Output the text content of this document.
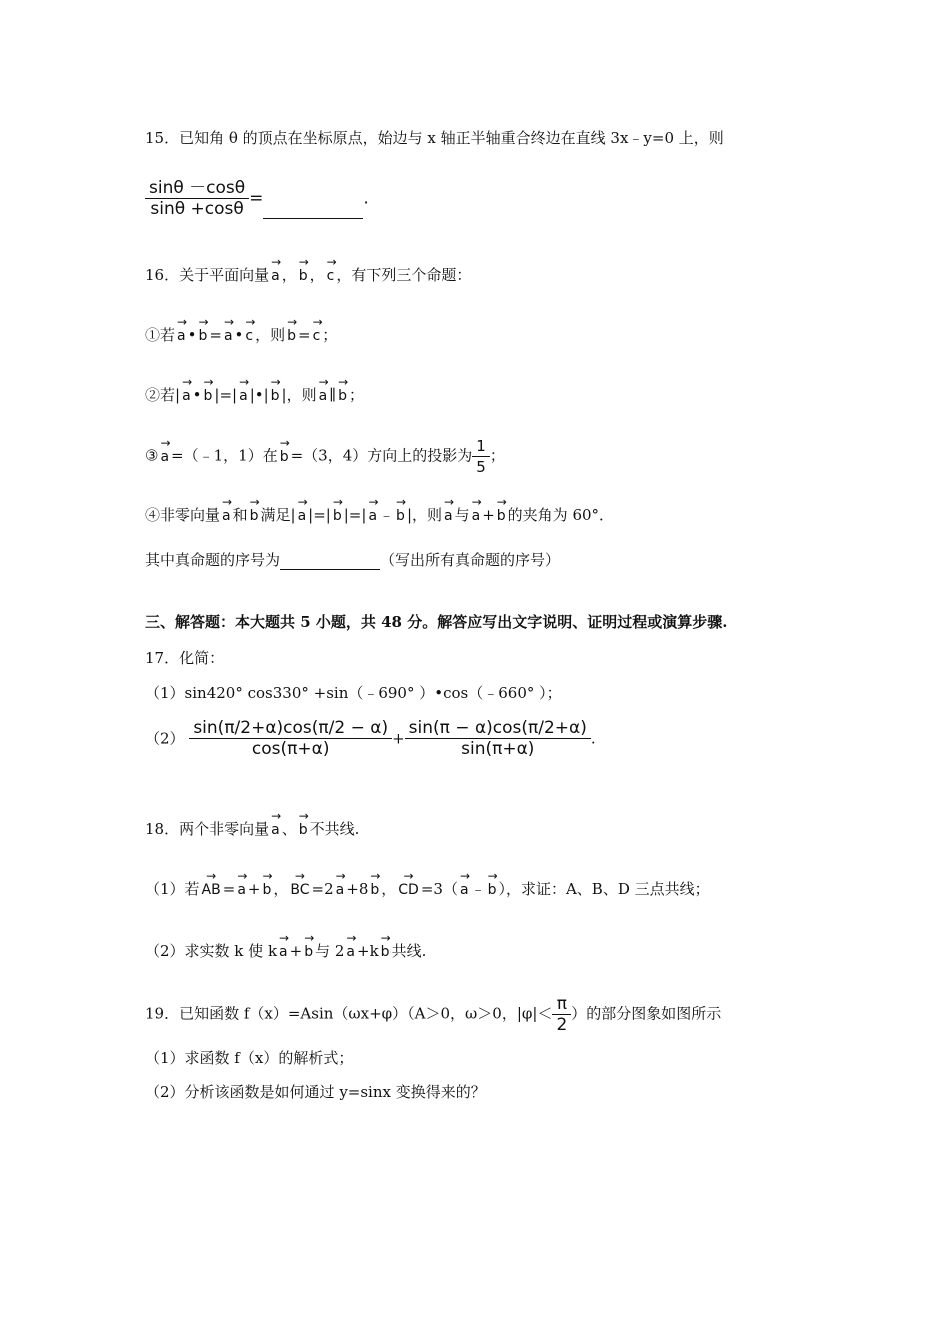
15．已知角 θ 的顶点在坐标原点，始边与 x 轴正半轴重合终边在直线 3x﹣y=0 上，则
$\frac{\sin\theta -\cos\theta}{\sin\theta +\cos\theta}$ =	.
16．关于平面向量 → a ， → b ， → c ，有下列三个命题：
①若 → a • → b = → a • → c ，则 → b = → c ；
②若| → a • → b |=| → a |•| → b |，则 → a ∥ → b ；
③ → a =（﹣1，1）在 → b =（3，4）方向上的投影为 $\frac{1}{5}$ ；
④非零向量 → a 和 → b 满足| → a |=| → b |=| → a ﹣ → b |，则 → a 与 → a + → b 的夹角为 60°．
其中真命题的序号为	（写出所有真命题的序号）
三、解答题：本大题共 5 小题，共 48 分。解答应写出文字说明、证明过程或演算步骤.
17．化简：
（1）sin420° cos330° +sin（﹣690° ）•cos（﹣660° ）；
$(2) \frac{\sin(\pi/2+\alpha)\cos(\pi/2 - \alpha)}{\cos(\pi+\alpha)} + \frac{\sin(\pi - \alpha)\cos(\pi/2+\alpha)}{\sin(\pi+\alpha)}$ .
18．两个非零向量 → a 、 → b 不共线.
（1）若 → AB = → a + → b ， → BC =2 → a +8 → b ， → CD =3（ → a ﹣ → b ），求证：A、B、D 三点共线；
（2）求实数 k 使 k → a + → b 与 2 → a +k → b 共线.
19．已知函数 f（x）=Asin（ωx+φ）（A＞0，ω＞0，$|\varphi|< \frac{\pi}{2}$ ）的部分图象如图所示
（1）求函数 f（x）的解析式；
（2）分析该函数是如何通过 y=sinx 变换得来的？
